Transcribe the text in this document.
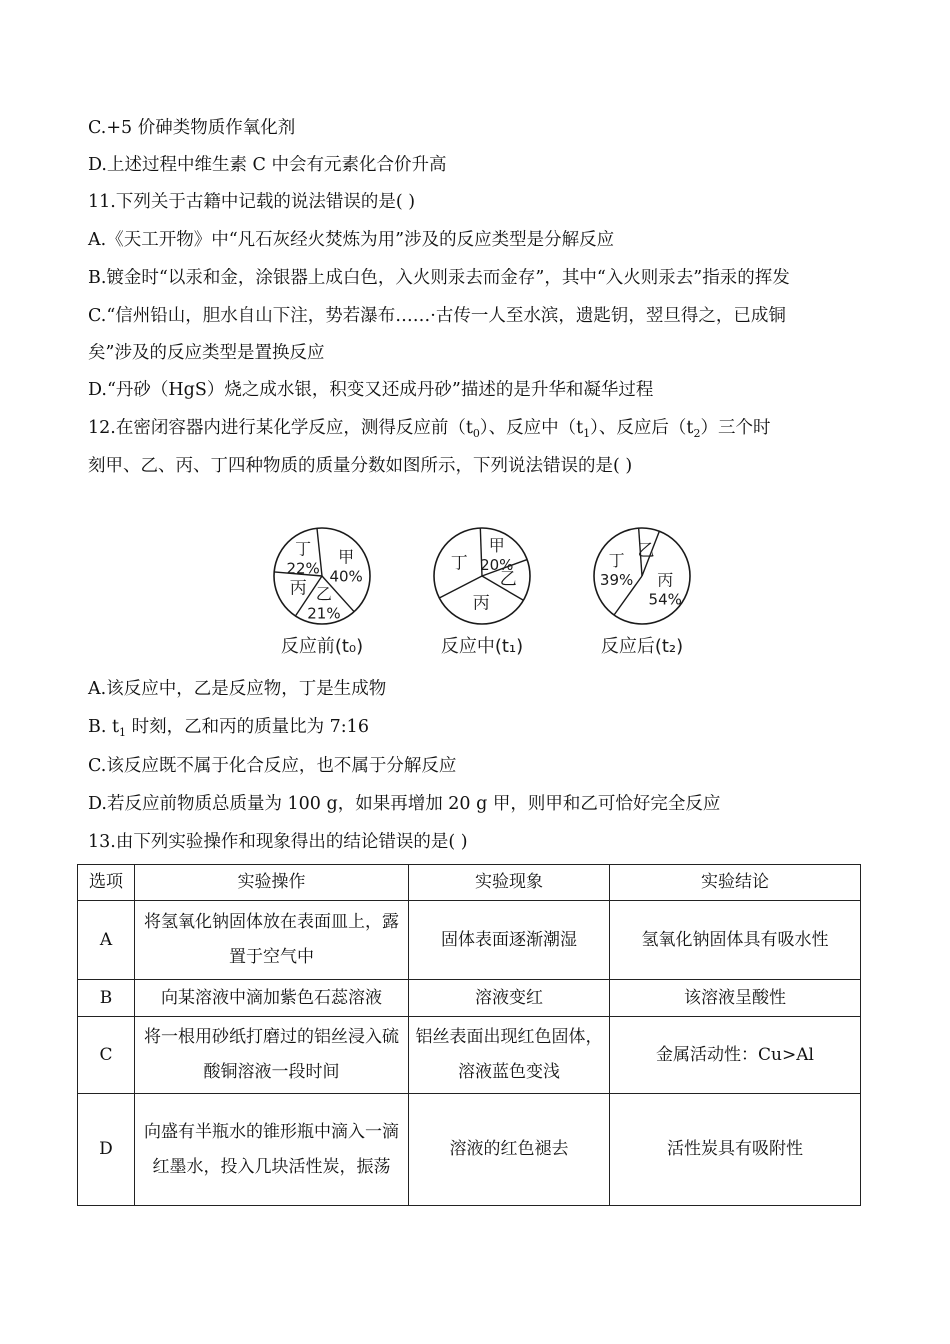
C.+5 价砷类物质作氧化剂
D.上述过程中维生素 C 中会有元素化合价升高
11.下列关于古籍中记载的说法错误的是( )
A.《天工开物》中“凡石灰经火焚炼为用”涉及的反应类型是分解反应
B.镀金时“以汞和金，涂银器上成白色，入火则汞去而金存”，其中“入火则汞去”指汞的挥发
C.“信州铅山，胆水自山下注，势若瀑布……·古传一人至水滨，遗匙钥，翌旦得之，已成铜
矣”涉及的反应类型是置换反应
D.“丹砂（HgS）烧之成水银，积变又还成丹砂”描述的是升华和凝华过程
12.在密闭容器内进行某化学反应，测得反应前$(t_0)$、反应中$(t_1)$、反应后$(t_2)$三个时
刻甲、乙、丙、丁四种物质的质量分数如图所示，下列说法错误的是( )
甲
40%
乙
21%
丙
丁
22%
反应前(t₀)
甲
20%
乙
丙
丁
反应中(t₁)
乙
丙
54%
丁
39%
反应后(t₂)
A.该反应中，乙是反应物，丁是生成物
B. $t_1$ 时刻，乙和丙的质量比为 7:16
C.该反应既不属于化合反应，也不属于分解反应
D.若反应前物质总质量为 100 g，如果再增加 20 g 甲，则甲和乙可恰好完全反应
13.由下列实验操作和现象得出的结论错误的是( )
选项	实验操作	实验现象	实验结论
A	将氢氧化钠固体放在表面皿上，露置于空气中	固体表面逐渐潮湿	氢氧化钠固体具有吸水性
B	向某溶液中滴加紫色石蕊溶液	溶液变红	该溶液呈酸性
C	将一根用砂纸打磨过的铝丝浸入硫酸铜溶液一段时间	铝丝表面出现红色固体，溶液蓝色变浅	金属活动性：Cu>Al
D	向盛有半瓶水的锥形瓶中滴入一滴红墨水，投入几块活性炭，振荡	溶液的红色褪去	活性炭具有吸附性
